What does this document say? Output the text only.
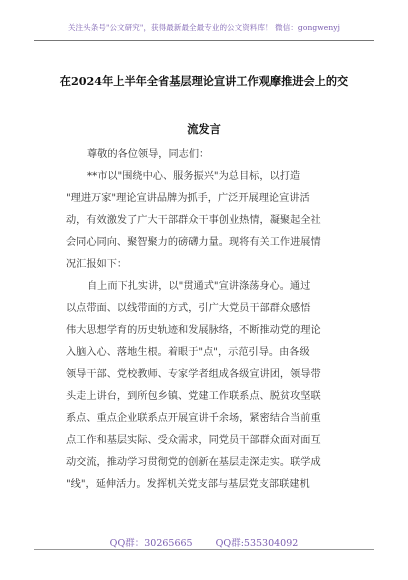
关注头条号"公文研究"，获得最新最全最专业的公文资料库！ 微信：gongwenyj
在2024年上半年全省基层理论宣讲工作观摩推进会上的交
流发言
尊敬的各位领导，同志们：
**市以"围绕中心、服务振兴"为总目标，以打造
"理进万家"理论宣讲品牌为抓手，广泛开展理论宣讲活
动，有效激发了广大干部群众干事创业热情，凝聚起全社
会同心同向、聚智聚力的磅礴力量。现将有关工作进展情
况汇报如下：
自上而下扎实讲，以"贯通式"宣讲涤荡身心。通过
以点带面、以线带面的方式，引广大党员干部群众感悟
伟大思想学育的历史轨迹和发展脉络，不断推动党的理论
入脑入心、落地生根。着眼于"点"，示范引导。由各级
领导干部、党校教师、专家学者组成各级宣讲团，领导带
头走上讲台，到所包乡镇、党建工作联系点、脱贫攻坚联
系点、重点企业联系点开展宣讲千余场，紧密结合当前重
点工作和基层实际、受众需求，同党员干部群众面对面互
动交流，推动学习贯彻党的创新在基层走深走实。联学成
"线"，延伸活力。发挥机关党支部与基层党支部联建机
QQ群：30265665 QQ群:535304092
